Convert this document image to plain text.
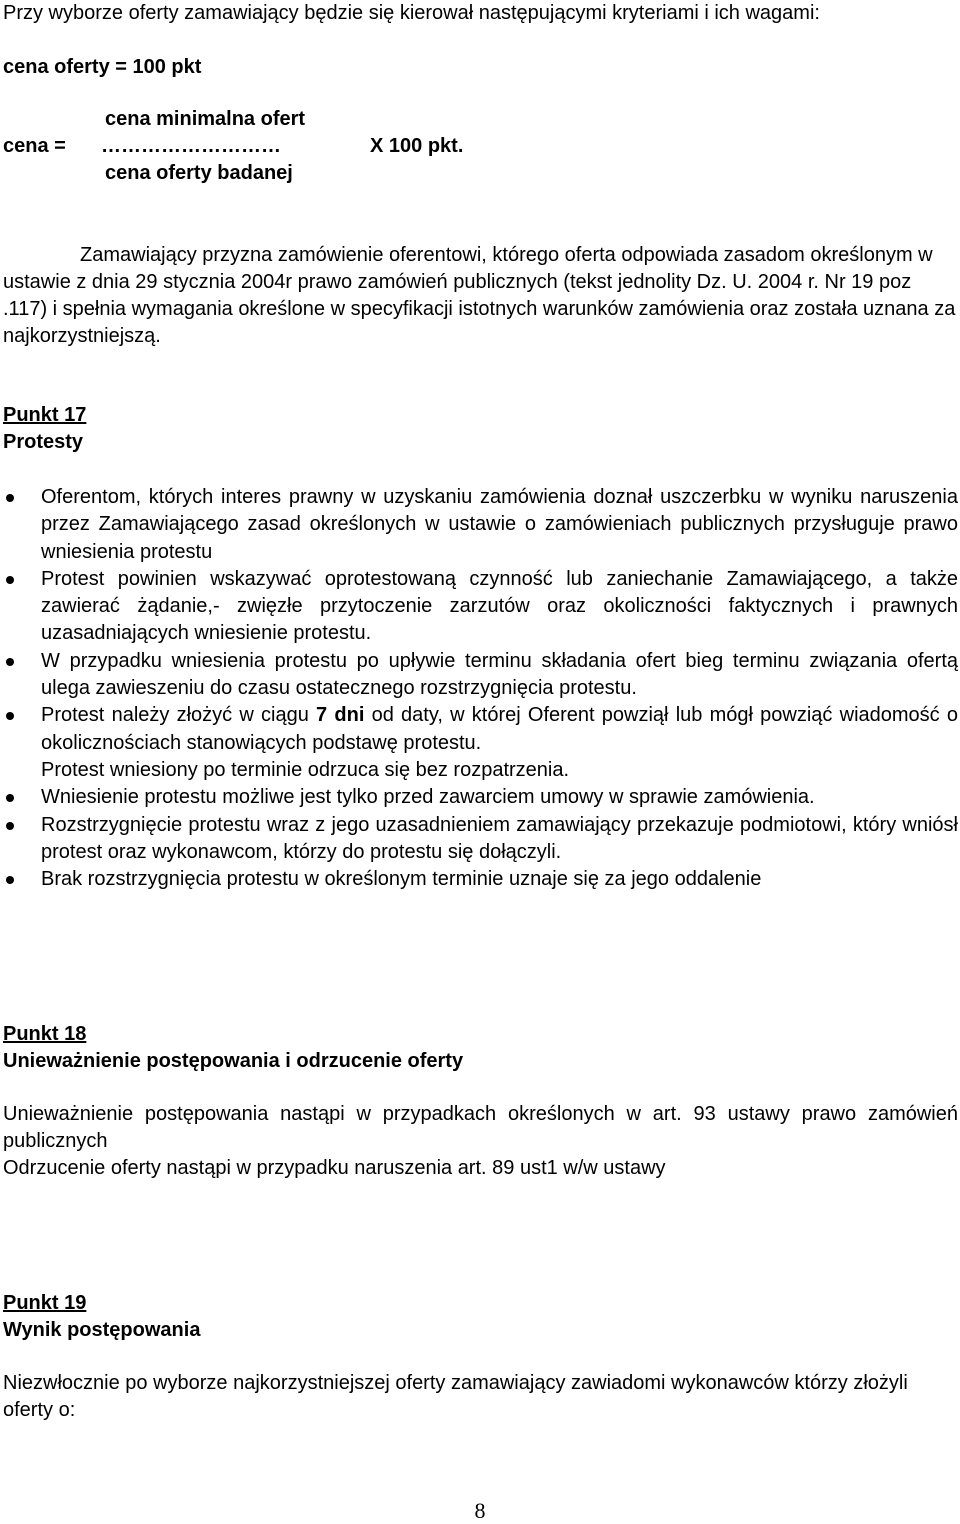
Przy wyborze oferty zamawiający będzie się kierował następującymi kryteriami i ich wagami:
cena oferty = 100 pkt
cena minimalna ofert
cena = ………………………	X 100 pkt.
cena oferty badanej
Zamawiający przyzna zamówienie oferentowi, którego oferta odpowiada zasadom określonym w ustawie z dnia 29 stycznia 2004r prawo zamówień publicznych (tekst jednolity Dz. U. 2004 r. Nr 19 poz .117) i spełnia wymagania określone w specyfikacji istotnych warunków zamówienia oraz została uznana za najkorzystniejszą.
Punkt 17
Protesty
Oferentom, których interes prawny w uzyskaniu zamówienia doznał uszczerbku w wyniku naruszenia przez Zamawiającego zasad określonych w ustawie o zamówieniach publicznych przysługuje prawo wniesienia protestu
Protest powinien wskazywać oprotestowaną czynność lub zaniechanie Zamawiającego, a także zawierać żądanie,- zwięzłe przytoczenie zarzutów oraz okoliczności faktycznych i prawnych uzasadniających wniesienie protestu.
W przypadku wniesienia protestu po upływie terminu składania ofert bieg terminu związania ofertą ulega zawieszeniu do czasu ostatecznego rozstrzygnięcia protestu.
Protest należy złożyć w ciągu 7 dni od daty, w której Oferent powziął lub mógł powziąć wiadomość o okolicznościach stanowiących podstawę protestu.
Protest wniesiony po terminie odrzuca się bez rozpatrzenia.
Wniesienie protestu możliwe jest tylko przed zawarciem umowy w sprawie zamówienia.
Rozstrzygnięcie protestu wraz z jego uzasadnieniem zamawiający przekazuje podmiotowi, który wniósł protest oraz wykonawcom, którzy do protestu się dołączyli.
Brak rozstrzygnięcia protestu w określonym terminie uznaje się za jego oddalenie
Punkt 18
Unieważnienie postępowania i odrzucenie oferty
Unieważnienie postępowania nastąpi w przypadkach określonych w art. 93 ustawy prawo zamówień publicznych
Odrzucenie oferty nastąpi w przypadku naruszenia art. 89 ust1 w/w ustawy
Punkt 19
Wynik postępowania
Niezwłocznie po wyborze najkorzystniejszej oferty zamawiający zawiadomi wykonawców którzy złożyli oferty o:
8
